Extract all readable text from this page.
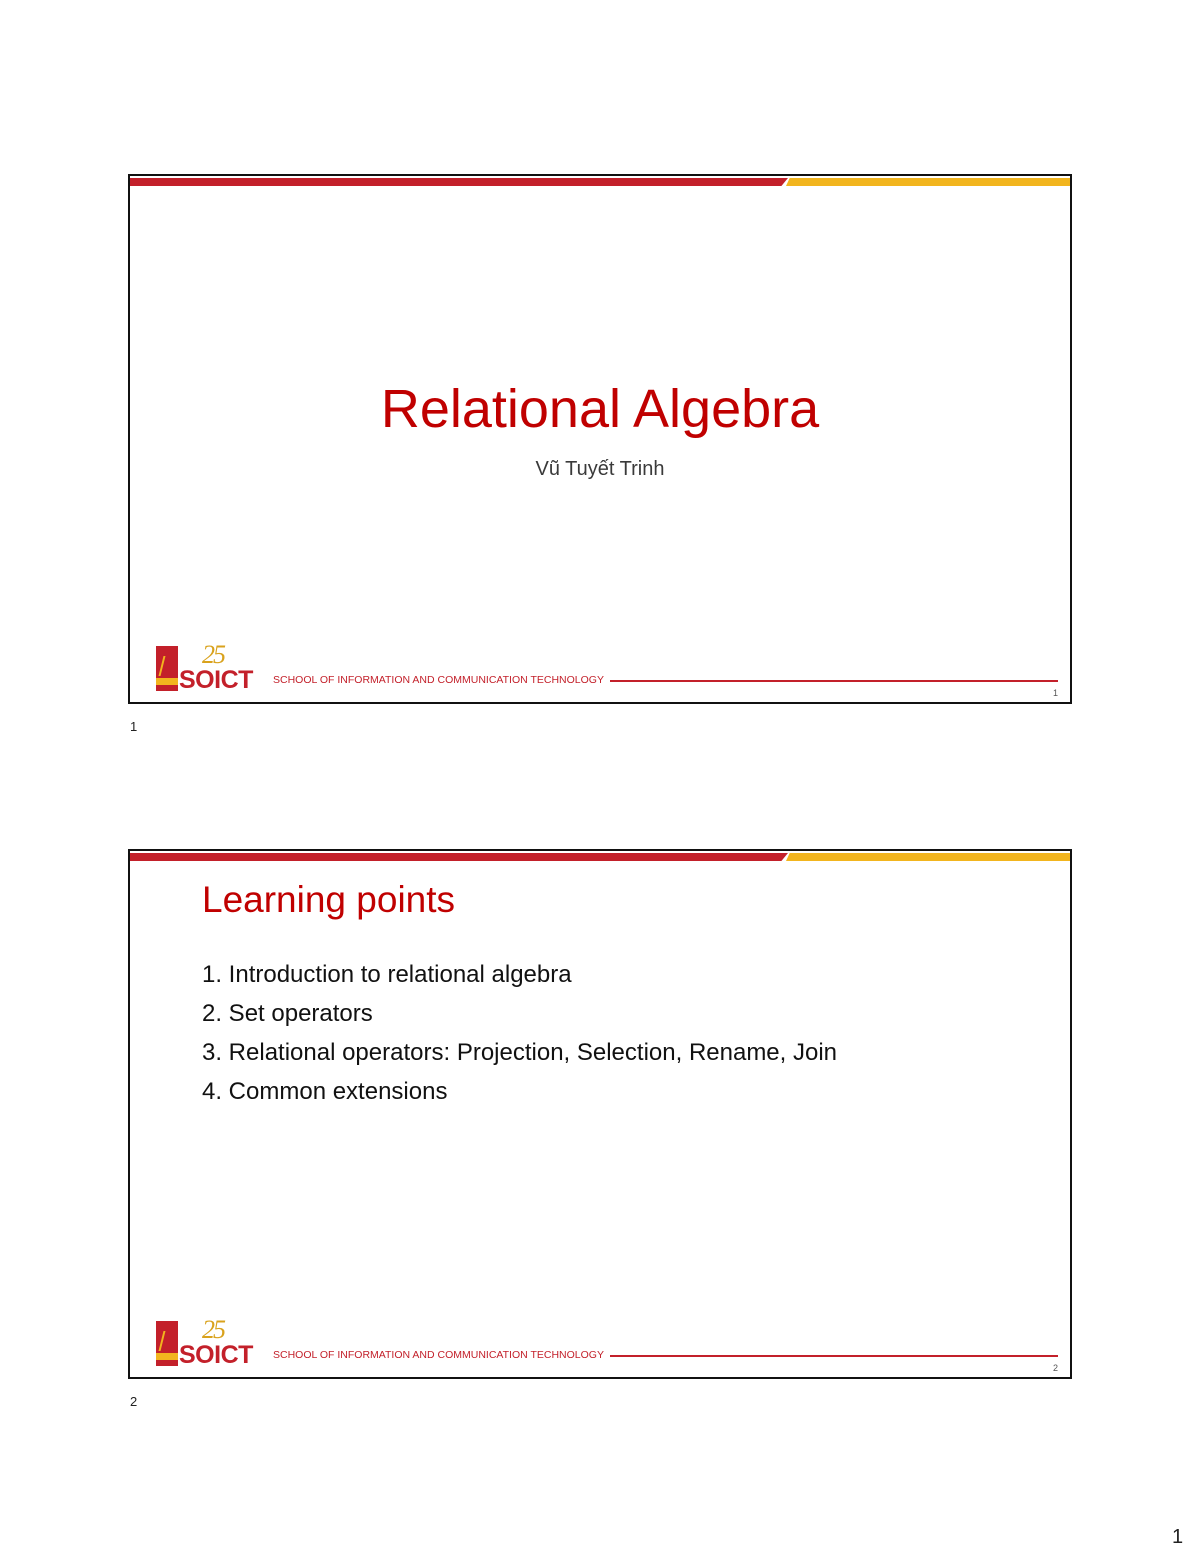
Relational Algebra
Vũ Tuyết Trinh
25
SOICT SCHOOL OF INFORMATION AND COMMUNICATION TECHNOLOGY
1
1
Learning points
1. Introduction to relational algebra
2. Set operators
3. Relational operators: Projection, Selection, Rename, Join
4. Common extensions
25
SOICT SCHOOL OF INFORMATION AND COMMUNICATION TECHNOLOGY
2
2
1
